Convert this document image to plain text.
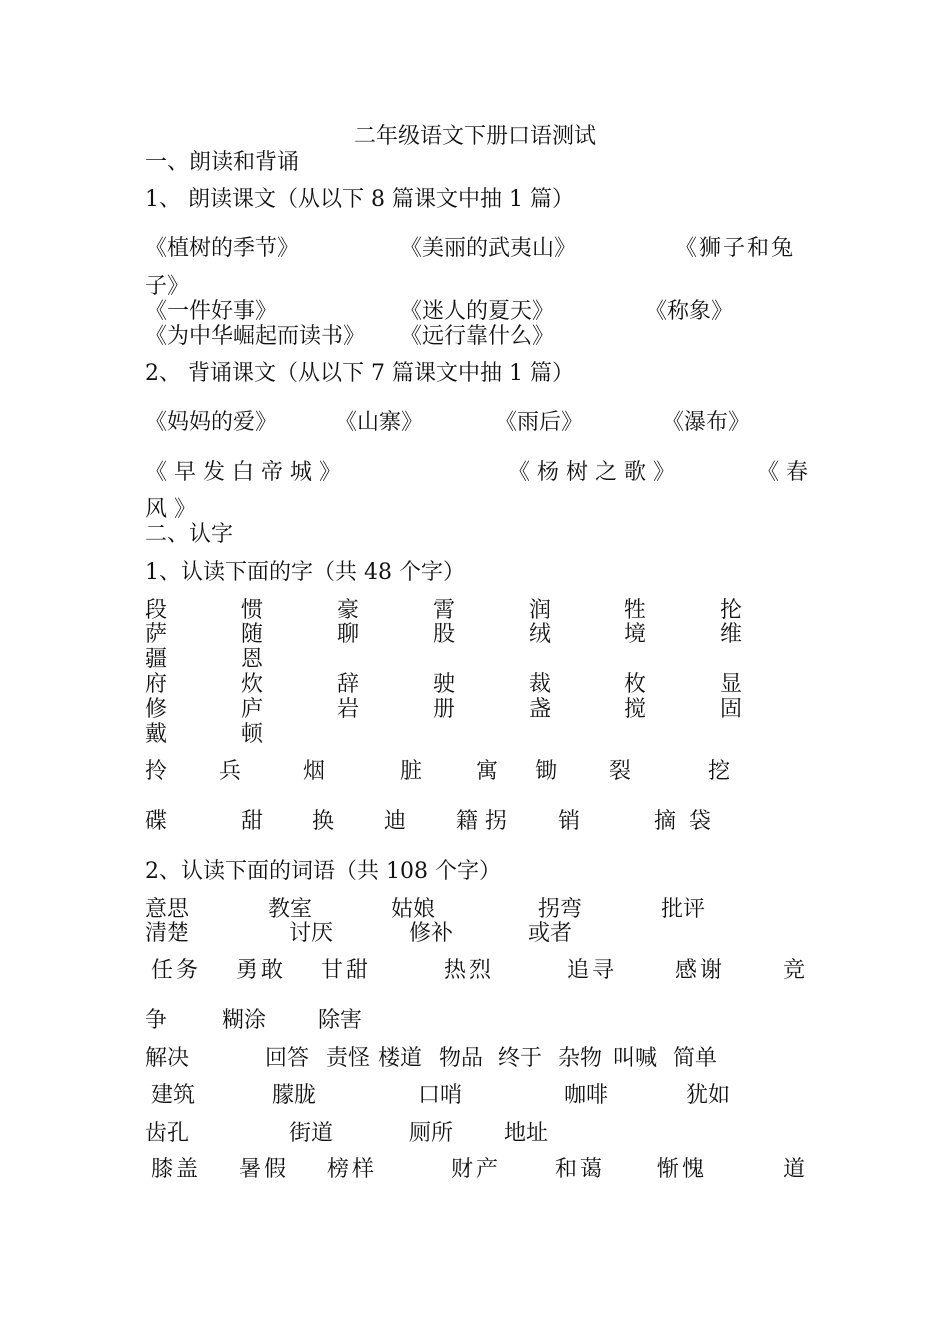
二年级语文下册口语测试
一、朗读和背诵
1、 朗读课文（从以下 8 篇课文中抽 1 篇）
《植树的季节》	《美丽的武夷山》	《狮子和兔
子》
《一件好事》	《迷人的夏天》	《称象》
《为中华崛起而读书》 《远行靠什么》
2、 背诵课文（从以下 7 篇课文中抽 1 篇）
《妈妈的爱》	《山寨》	《雨后》	《瀑布》
《 早 发 白 帝 城 》	《 杨 树 之 歌 》	《 春
风 》
二、认字
1、认读下面的字（共 48 个字）
段	惯	豪	霄	润	牲	抡
萨	随	聊	股	绒	境	维
疆	恩
府	炊	辞	驶	裁	枚	显
修	庐	岩	册	盏	搅	固
戴	顿
拎 兵	烟	脏 寓 锄 裂	挖
碟	甜 换 迪 籍 拐 销	摘 袋
2、认读下面的词语（共 108 个字）
意思	教室	姑娘	拐弯	批评
清楚	讨厌	修补	或者
任务 勇敢 甘甜	热烈	追寻	感谢	竞
争 糊涂 除害
解决	回答 责怪 楼道 物品 终于 杂物 叫喊 简单
建筑	朦胧	口哨	咖啡	犹如
齿孔	街道	厕所 地址
膝盖 暑假 榜样	财产 和蔼 惭愧	道
